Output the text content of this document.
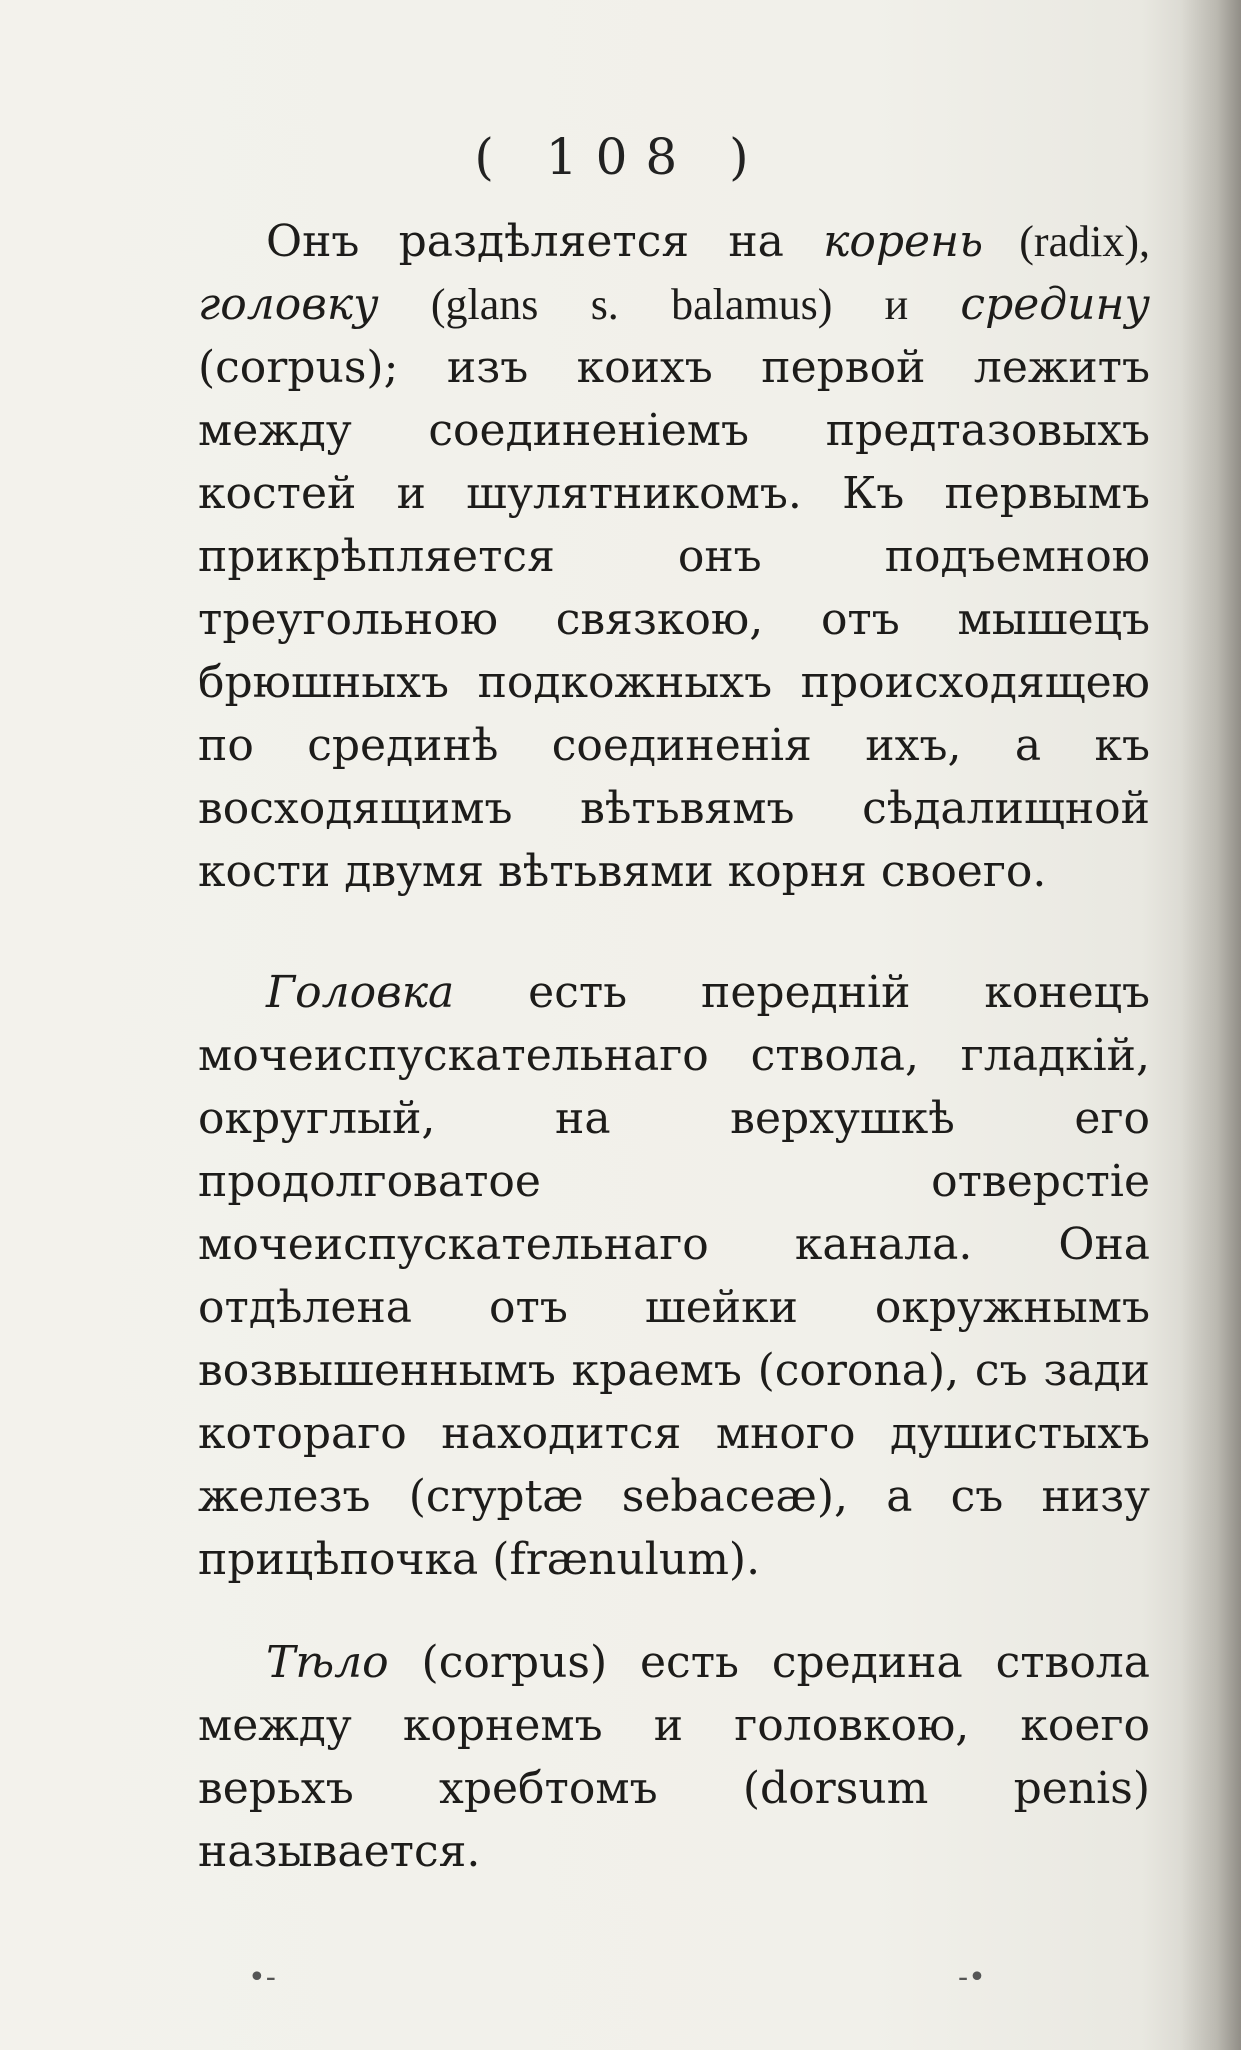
( 108 )

Онъ раздѣляется на корень (radix), головку (glans s. balamus) и средину (corpus); изъ коихъ первой лежитъ между соединенiемъ предтазовыхъ костей и шулятникомъ. Къ первымъ прикрѣпляется онъ подъемною треугольною связкою, отъ мышецъ брюшныхъ подкожныхъ происходящею по срединѣ соединенiя ихъ, а къ восходящимъ вѣтьвямъ сѣдалищной кости двумя вѣтьвями корня своего.

Головка есть переднiй конецъ мочеиспускательнаго ствола, гладкiй, округлый, на верхушкѣ его продолговатое отверстiе мочеиспускательнаго канала. Она отдѣлена отъ шейки окружнымъ возвышеннымъ краемъ (corona), съ зади котораго находится много душистыхъ железъ (cryptæ sebaceæ), а съ низу прицѣпочка (frænulum).

Тѣло (corpus) есть средина ствола между корнемъ и головкою, коего верьхъ хребтомъ (dorsum penis) называется.

•-	-•
